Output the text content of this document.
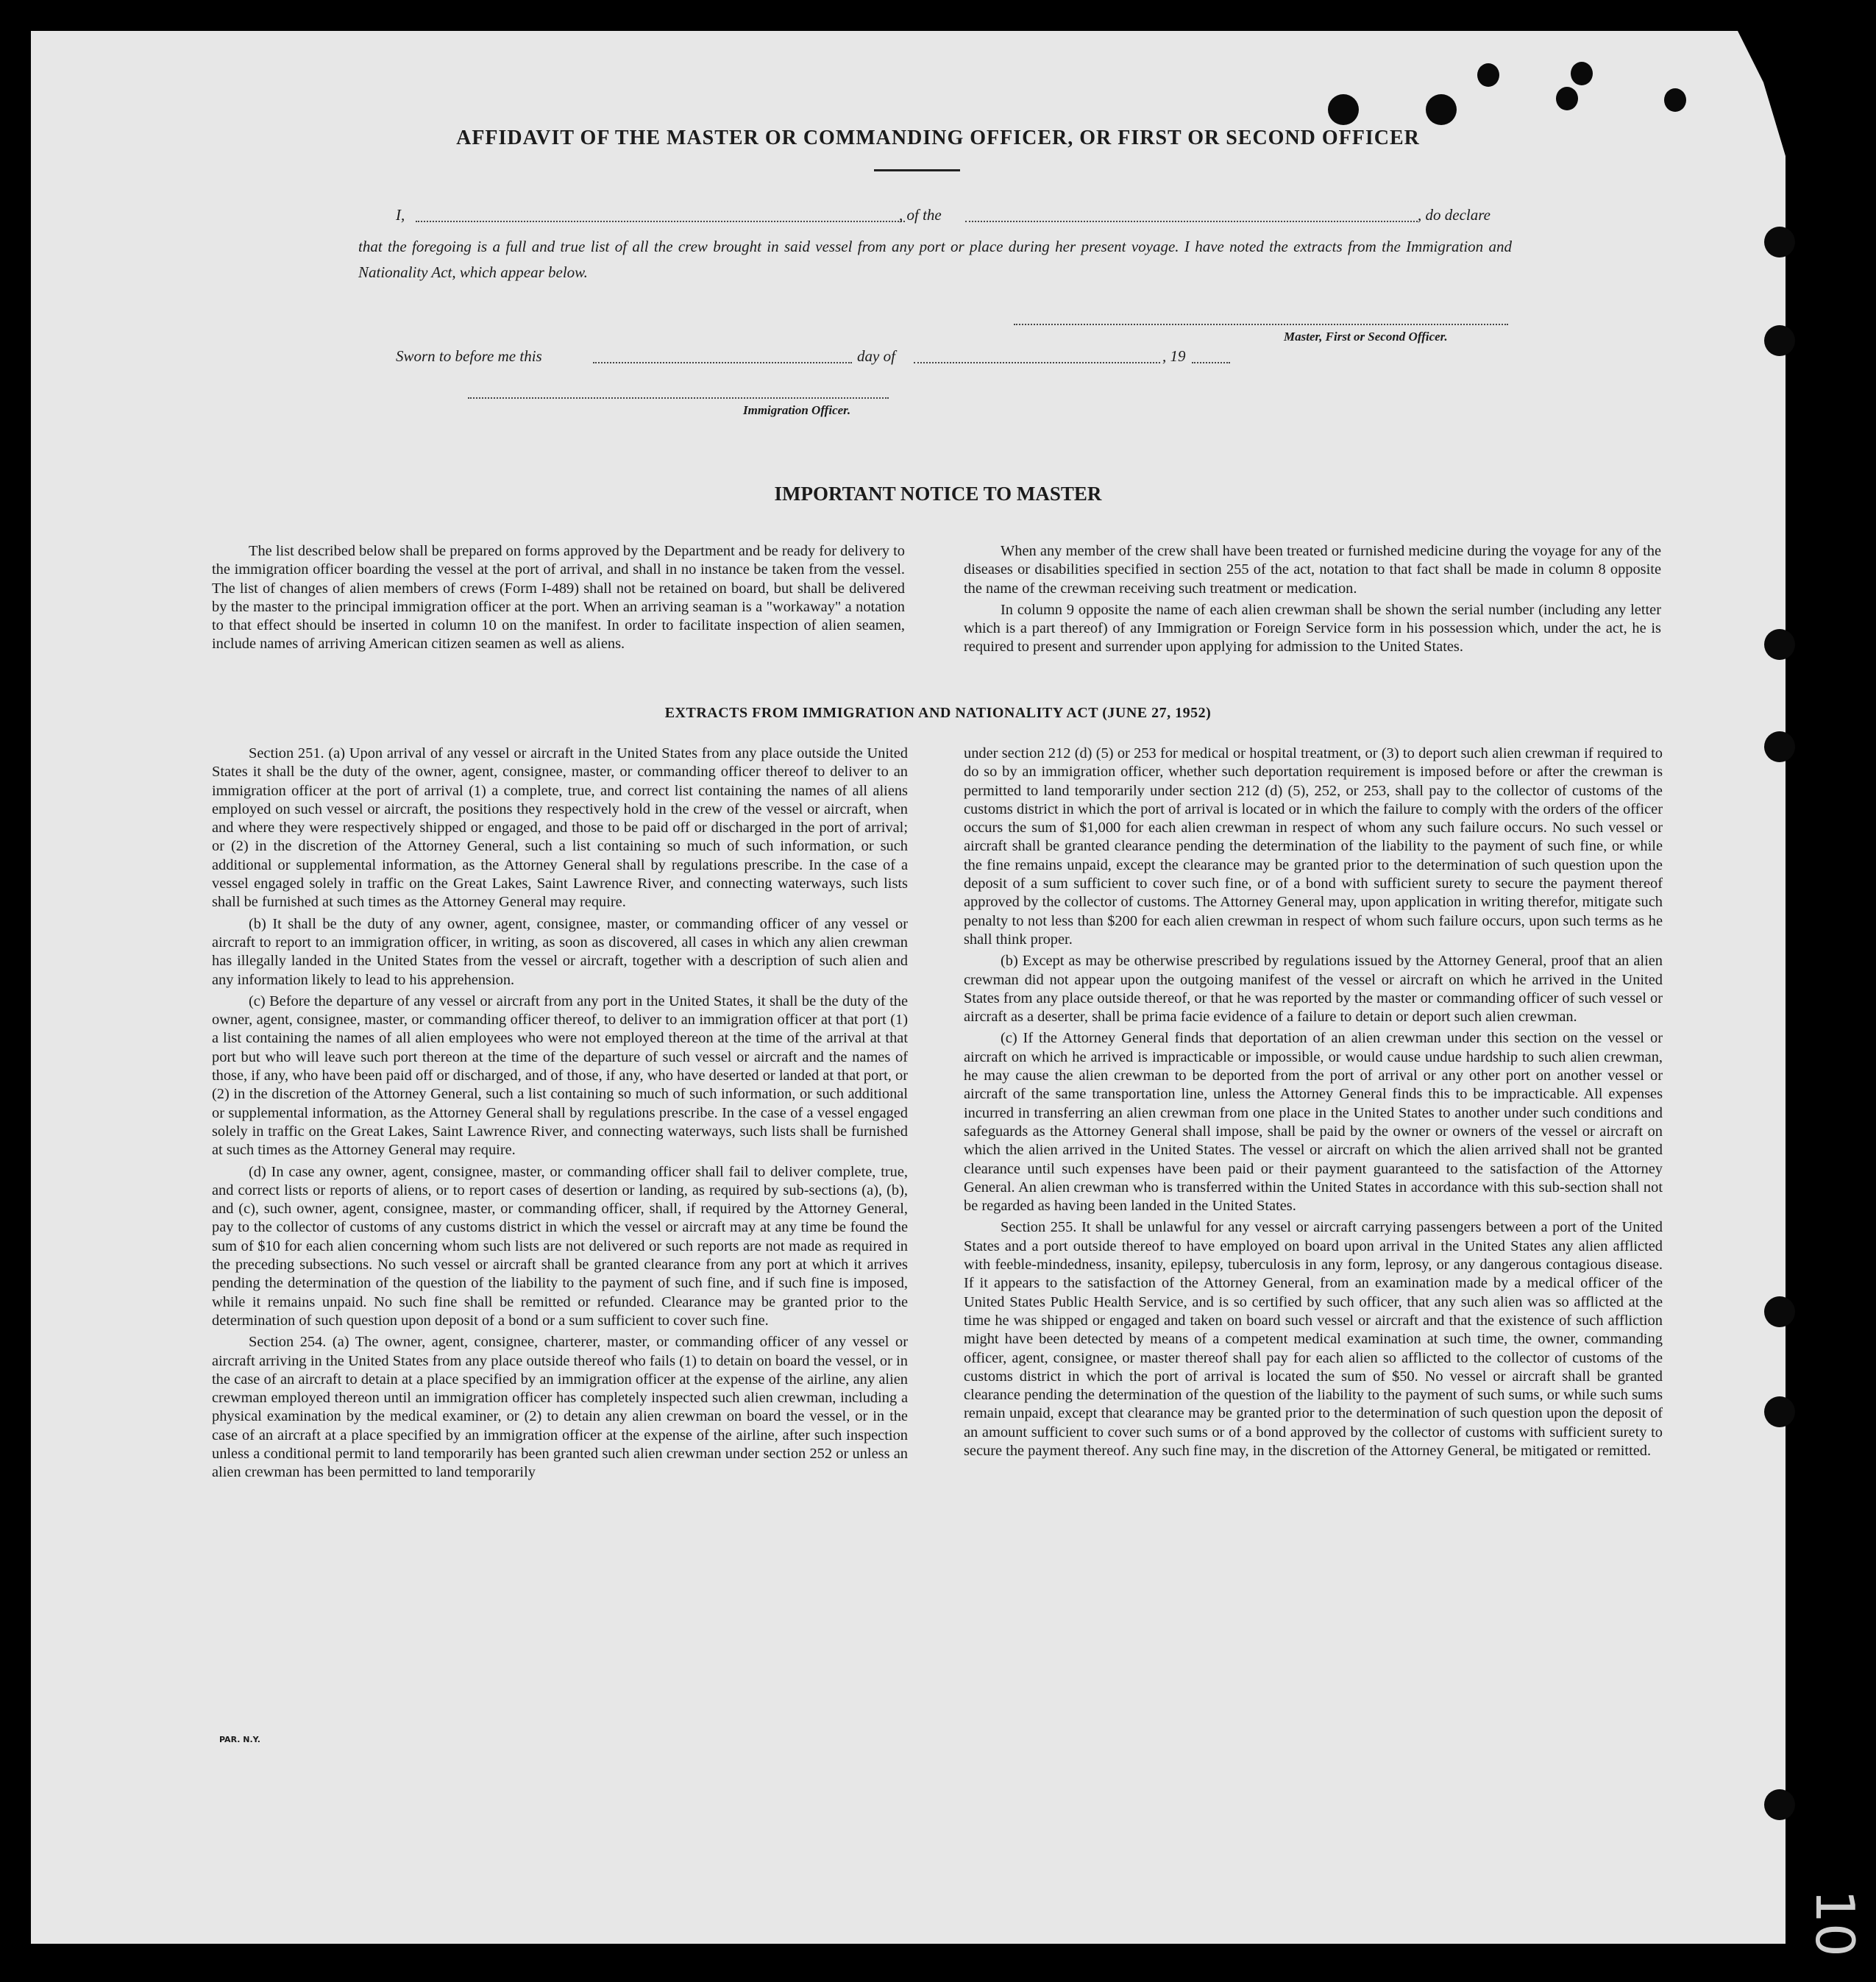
AFFIDAVIT OF THE MASTER OR COMMANDING OFFICER, OR FIRST OR SECOND OFFICER
I,	, of the	, do declare
that the foregoing is a full and true list of all the crew brought in said vessel from any port or place during her present voyage. I have noted the extracts from the Immigration and Nationality Act, which appear below.
Master, First or Second Officer.
Sworn to before me this	day of	, 19
Immigration Officer.
IMPORTANT NOTICE TO MASTER

The list described below shall be prepared on forms approved by the Department and be ready for delivery to the immigration officer boarding the vessel at the port of arrival, and shall in no instance be taken from the vessel. The list of changes of alien members of crews (Form I-489) shall not be retained on board, but shall be delivered by the master to the principal immigration officer at the port. When an arriving seaman is a "workaway" a notation to that effect should be inserted in column 10 on the manifest. In order to facilitate inspection of alien seamen, include names of arriving American citizen seamen as well as aliens.

When any member of the crew shall have been treated or furnished medicine during the voyage for any of the diseases or disabilities specified in section 255 of the act, notation to that fact shall be made in column 8 opposite the name of the crewman receiving such treatment or medication.

In column 9 opposite the name of each alien crewman shall be shown the serial number (including any letter which is a part thereof) of any Immigration or Foreign Service form in his possession which, under the act, he is required to present and surrender upon applying for admission to the United States.

EXTRACTS FROM IMMIGRATION AND NATIONALITY ACT (JUNE 27, 1952)

Section 251. (a) Upon arrival of any vessel or aircraft in the United States from any place outside the United States it shall be the duty of the owner, agent, consignee, master, or commanding officer thereof to deliver to an immigration officer at the port of arrival (1) a complete, true, and correct list containing the names of all aliens employed on such vessel or aircraft, the positions they respectively hold in the crew of the vessel or aircraft, when and where they were respectively shipped or engaged, and those to be paid off or discharged in the port of arrival; or (2) in the discretion of the Attorney General, such a list containing so much of such information, or such additional or supplemental information, as the Attorney General shall by regulations prescribe. In the case of a vessel engaged solely in traffic on the Great Lakes, Saint Lawrence River, and connecting waterways, such lists shall be furnished at such times as the Attorney General may require.

(b) It shall be the duty of any owner, agent, consignee, master, or commanding officer of any vessel or aircraft to report to an immigration officer, in writing, as soon as discovered, all cases in which any alien crewman has illegally landed in the United States from the vessel or aircraft, together with a description of such alien and any information likely to lead to his apprehension.

(c) Before the departure of any vessel or aircraft from any port in the United States, it shall be the duty of the owner, agent, consignee, master, or commanding officer thereof, to deliver to an immigration officer at that port (1) a list containing the names of all alien employees who were not employed thereon at the time of the arrival at that port but who will leave such port thereon at the time of the departure of such vessel or aircraft and the names of those, if any, who have been paid off or discharged, and of those, if any, who have deserted or landed at that port, or (2) in the discretion of the Attorney General, such a list containing so much of such information, or such additional or supplemental information, as the Attorney General shall by regulations prescribe. In the case of a vessel engaged solely in traffic on the Great Lakes, Saint Lawrence River, and connecting waterways, such lists shall be furnished at such times as the Attorney General may require.

(d) In case any owner, agent, consignee, master, or commanding officer shall fail to deliver complete, true, and correct lists or reports of aliens, or to report cases of desertion or landing, as required by sub-sections (a), (b), and (c), such owner, agent, consignee, master, or commanding officer, shall, if required by the Attorney General, pay to the collector of customs of any customs district in which the vessel or aircraft may at any time be found the sum of $10 for each alien concerning whom such lists are not delivered or such reports are not made as required in the preceding subsections. No such vessel or aircraft shall be granted clearance from any port at which it arrives pending the determination of the question of the liability to the payment of such fine, and if such fine is imposed, while it remains unpaid. No such fine shall be remitted or refunded. Clearance may be granted prior to the determination of such question upon deposit of a bond or a sum sufficient to cover such fine.

Section 254. (a) The owner, agent, consignee, charterer, master, or commanding officer of any vessel or aircraft arriving in the United States from any place outside thereof who fails (1) to detain on board the vessel, or in the case of an aircraft to detain at a place specified by an immigration officer at the expense of the airline, any alien crewman employed thereon until an immigration officer has completely inspected such alien crewman, including a physical examination by the medical examiner, or (2) to detain any alien crewman on board the vessel, or in the case of an aircraft at a place specified by an immigration officer at the expense of the airline, after such inspection unless a conditional permit to land temporarily has been granted such alien crewman under section 252 or unless an alien crewman has been permitted to land temporarily

under section 212 (d) (5) or 253 for medical or hospital treatment, or (3) to deport such alien crewman if required to do so by an immigration officer, whether such deportation requirement is imposed before or after the crewman is permitted to land temporarily under section 212 (d) (5), 252, or 253, shall pay to the collector of customs of the customs district in which the port of arrival is located or in which the failure to comply with the orders of the officer occurs the sum of $1,000 for each alien crewman in respect of whom any such failure occurs. No such vessel or aircraft shall be granted clearance pending the determination of the liability to the payment of such fine, or while the fine remains unpaid, except the clearance may be granted prior to the determination of such question upon the deposit of a sum sufficient to cover such fine, or of a bond with sufficient surety to secure the payment thereof approved by the collector of customs. The Attorney General may, upon application in writing therefor, mitigate such penalty to not less than $200 for each alien crewman in respect of whom such failure occurs, upon such terms as he shall think proper.

(b) Except as may be otherwise prescribed by regulations issued by the Attorney General, proof that an alien crewman did not appear upon the outgoing manifest of the vessel or aircraft on which he arrived in the United States from any place outside thereof, or that he was reported by the master or commanding officer of such vessel or aircraft as a deserter, shall be prima facie evidence of a failure to detain or deport such alien crewman.

(c) If the Attorney General finds that deportation of an alien crewman under this section on the vessel or aircraft on which he arrived is impracticable or impossible, or would cause undue hardship to such alien crewman, he may cause the alien crewman to be deported from the port of arrival or any other port on another vessel or aircraft of the same transportation line, unless the Attorney General finds this to be impracticable. All expenses incurred in transferring an alien crewman from one place in the United States to another under such conditions and safeguards as the Attorney General shall impose, shall be paid by the owner or owners of the vessel or aircraft on which the alien arrived in the United States. The vessel or aircraft on which the alien arrived shall not be granted clearance until such expenses have been paid or their payment guaranteed to the satisfaction of the Attorney General. An alien crewman who is transferred within the United States in accordance with this sub-section shall not be regarded as having been landed in the United States.

Section 255. It shall be unlawful for any vessel or aircraft carrying passengers between a port of the United States and a port outside thereof to have employed on board upon arrival in the United States any alien afflicted with feeble-mindedness, insanity, epilepsy, tuberculosis in any form, leprosy, or any dangerous contagious disease. If it appears to the satisfaction of the Attorney General, from an examination made by a medical officer of the United States Public Health Service, and is so certified by such officer, that any such alien was so afflicted at the time he was shipped or engaged and taken on board such vessel or aircraft and that the existence of such affliction might have been detected by means of a competent medical examination at such time, the owner, commanding officer, agent, consignee, or master thereof shall pay for each alien so afflicted to the collector of customs of the customs district in which the port of arrival is located the sum of $50. No vessel or aircraft shall be granted clearance pending the determination of the question of the liability to the payment of such sums, or while such sums remain unpaid, except that clearance may be granted prior to the determination of such question upon the deposit of an amount sufficient to cover such sums or of a bond approved by the collector of customs with sufficient surety to secure the payment thereof. Any such fine may, in the discretion of the Attorney General, be mitigated or remitted.

PAR. N.Y.
10
